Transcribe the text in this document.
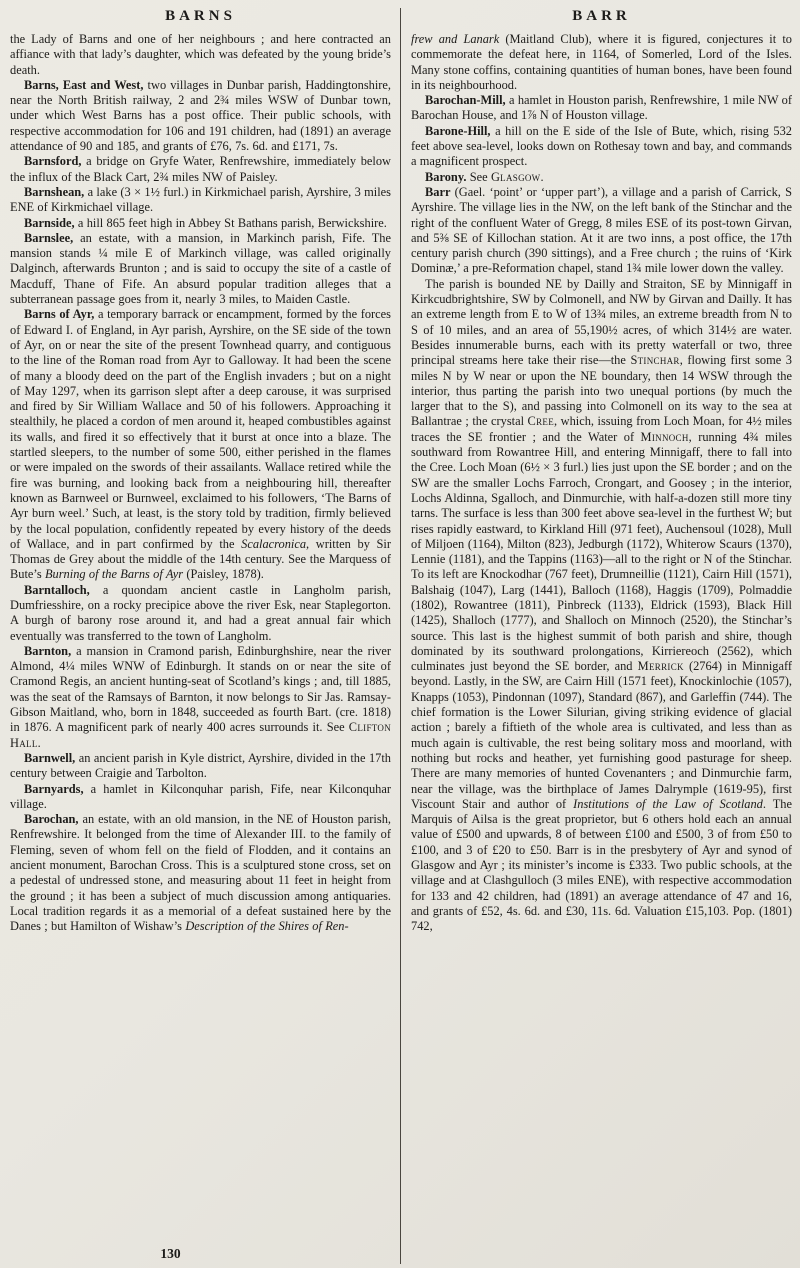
BARNS

the Lady of Barns and one of her neighbours ; and here contracted an affiance with that lady’s daughter, which was defeated by the young bride’s death.

Barns, East and West, two villages in Dunbar parish, Haddingtonshire, near the North British railway, 2 and 2¾ miles WSW of Dunbar town, under which West Barns has a post office. Their public schools, with respective accommodation for 106 and 191 children, had (1891) an average attendance of 90 and 185, and grants of £76, 7s. 6d. and £171, 7s.

Barnsford, a bridge on Gryfe Water, Renfrewshire, immediately below the influx of the Black Cart, 2¾ miles NW of Paisley.

Barnshean, a lake (3 × 1½ furl.) in Kirkmichael parish, Ayrshire, 3 miles ENE of Kirkmichael village.

Barnside, a hill 865 feet high in Abbey St Bathans parish, Berwickshire.

Barnslee, an estate, with a mansion, in Markinch parish, Fife. The mansion stands ¼ mile E of Markinch village, was called originally Dalginch, afterwards Brunton ; and is said to occupy the site of a castle of Macduff, Thane of Fife. An absurd popular tradition alleges that a subterranean passage goes from it, nearly 3 miles, to Maiden Castle.

Barns of Ayr, a temporary barrack or encampment, formed by the forces of Edward I. of England, in Ayr parish, Ayrshire, on the SE side of the town of Ayr, on or near the site of the present Townhead quarry, and contiguous to the line of the Roman road from Ayr to Galloway. It had been the scene of many a bloody deed on the part of the English invaders ; but on a night of May 1297, when its garrison slept after a deep carouse, it was surprised and fired by Sir William Wallace and 50 of his followers. Approaching it stealthily, he placed a cordon of men around it, heaped combustibles against its walls, and fired it so effectively that it burst at once into a blaze. The startled sleepers, to the number of some 500, either perished in the flames or were impaled on the swords of their assailants. Wallace retired while the fire was burning, and looking back from a neighbouring hill, thereafter known as Barnweel or Burnweel, exclaimed to his followers, ‘The Barns of Ayr burn weel.’ Such, at least, is the story told by tradition, firmly believed by the local population, confidently repeated by every history of the deeds of Wallace, and in part confirmed by the Scalacronica, written by Sir Thomas de Grey about the middle of the 14th century. See the Marquess of Bute’s Burning of the Barns of Ayr (Paisley, 1878).

Barntalloch, a quondam ancient castle in Langholm parish, Dumfriesshire, on a rocky precipice above the river Esk, near Staplegorton. A burgh of barony rose around it, and had a great annual fair which eventually was transferred to the town of Langholm.

Barnton, a mansion in Cramond parish, Edinburghshire, near the river Almond, 4¼ miles WNW of Edinburgh. It stands on or near the site of Cramond Regis, an ancient hunting-seat of Scotland’s kings ; and, till 1885, was the seat of the Ramsays of Barnton, it now belongs to Sir Jas. Ramsay-Gibson Maitland, who, born in 1848, succeeded as fourth Bart. (cre. 1818) in 1876. A magnificent park of nearly 400 acres surrounds it. See Clifton Hall.

Barnwell, an ancient parish in Kyle district, Ayrshire, divided in the 17th century between Craigie and Tarbolton.

Barnyards, a hamlet in Kilconquhar parish, Fife, near Kilconquhar village.

Barochan, an estate, with an old mansion, in the NE of Houston parish, Renfrewshire. It belonged from the time of Alexander III. to the family of Fleming, seven of whom fell on the field of Flodden, and it contains an ancient monument, Barochan Cross. This is a sculptured stone cross, set on a pedestal of undressed stone, and measuring about 11 feet in height from the ground ; it has been a subject of much discussion among antiquaries. Local tradition regards it as a memorial of a defeat sustained here by the Danes ; but Hamilton of Wishaw’s Description of the Shires of Ren-

130
BARR

frew and Lanark (Maitland Club), where it is figured, conjectures it to commemorate the defeat here, in 1164, of Somerled, Lord of the Isles. Many stone coffins, containing quantities of human bones, have been found in its neighbourhood.

Barochan-Mill, a hamlet in Houston parish, Renfrewshire, 1 mile NW of Barochan House, and 1⅞ N of Houston village.

Barone-Hill, a hill on the E side of the Isle of Bute, which, rising 532 feet above sea-level, looks down on Rothesay town and bay, and commands a magnificent prospect.

Barony. See Glasgow.

Barr (Gael. ‘point’ or ‘upper part’), a village and a parish of Carrick, S Ayrshire. The village lies in the NW, on the left bank of the Stinchar and the right of the confluent Water of Gregg, 8 miles ESE of its post-town Girvan, and 5⅜ SE of Killochan station. At it are two inns, a post office, the 17th century parish church (390 sittings), and a Free church ; the ruins of ‘Kirk Dominæ,’ a pre-Reformation chapel, stand 1¾ mile lower down the valley.

The parish is bounded NE by Dailly and Straiton, SE by Minnigaff in Kirkcudbrightshire, SW by Colmonell, and NW by Girvan and Dailly. It has an extreme length from E to W of 13¾ miles, an extreme breadth from N to S of 10 miles, and an area of 55,190½ acres, of which 314½ are water. Besides innumerable burns, each with its pretty waterfall or two, three principal streams here take their rise—the Stinchar, flowing first some 3 miles N by W near or upon the NE boundary, then 14 WSW through the interior, thus parting the parish into two unequal portions (by much the larger that to the S), and passing into Colmonell on its way to the sea at Ballantrae ; the crystal Cree, which, issuing from Loch Moan, for 4½ miles traces the SE frontier ; and the Water of Minnoch, running 4¾ miles southward from Rowantree Hill, and entering Minnigaff, there to fall into the Cree. Loch Moan (6½ × 3 furl.) lies just upon the SE border ; and on the SW are the smaller Lochs Farroch, Crongart, and Goosey ; in the interior, Lochs Aldinna, Sgalloch, and Dinmurchie, with half-a-dozen still more tiny tarns. The surface is less than 300 feet above sea-level in the furthest W; but rises rapidly eastward, to Kirkland Hill (971 feet), Auchensoul (1028), Mull of Miljoen (1164), Milton (823), Jedburgh (1172), Whiterow Scaurs (1370), Lennie (1181), and the Tappins (1163)—all to the right or N of the Stinchar. To its left are Knockodhar (767 feet), Drumneillie (1121), Cairn Hill (1571), Balshaig (1047), Larg (1441), Balloch (1168), Haggis (1709), Polmaddie (1802), Rowantree (1811), Pinbreck (1133), Eldrick (1593), Black Hill (1425), Shalloch (1777), and Shalloch on Minnoch (2520), the Stinchar’s source. This last is the highest summit of both parish and shire, though dominated by its southward prolongations, Kirriereoch (2562), which culminates just beyond the SE border, and Merrick (2764) in Minnigaff beyond. Lastly, in the SW, are Cairn Hill (1571 feet), Knockinlochie (1057), Knapps (1053), Pindonnan (1097), Standard (867), and Garleffin (744). The chief formation is the Lower Silurian, giving striking evidence of glacial action ; barely a fiftieth of the whole area is cultivated, and less than as much again is cultivable, the rest being solitary moss and moorland, with nothing but rocks and heather, yet furnishing good pasturage for sheep. There are many memories of hunted Covenanters ; and Dinmurchie farm, near the village, was the birthplace of James Dalrymple (1619-95), first Viscount Stair and author of Institutions of the Law of Scotland. The Marquis of Ailsa is the great proprietor, but 6 others hold each an annual value of £500 and upwards, 8 of between £100 and £500, 3 of from £50 to £100, and 3 of £20 to £50. Barr is in the presbytery of Ayr and synod of Glasgow and Ayr ; its minister’s income is £333. Two public schools, at the village and at Clashgulloch (3 miles ENE), with respective accommodation for 133 and 42 children, had (1891) an average attendance of 47 and 16, and grants of £52, 4s. 6d. and £30, 11s. 6d. Valuation £15,103. Pop. (1801) 742,
